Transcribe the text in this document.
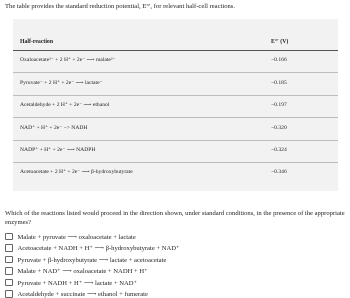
The table provides the standard reduction potential, E°′, for relevant half-cell reactions.
Half-reaction	E°′ (V)
Oxaloacetate²⁻ + 2 H⁺ + 2e⁻ ⟶ malate²⁻	−0.166
Pyruvate⁻ + 2 H⁺ + 2e⁻ ⟶ lactate⁻	−0.185
Acetaldehyde + 2 H⁺ + 2e⁻ ⟶ ethanol	−0.197
NAD⁺ + H⁺ + 2e⁻ −> NADH	−0.320
NADP⁺ + H⁺ + 2e⁻ ⟶ NADPH	−0.324
Acetoacetate + 2 H⁺ + 2e⁻ ⟶ β-hydroxybutyrate	−0.346
Which of the reactions listed would proceed in the direction shown, under standard conditions, in the presence of the appropriate enzymes?
Malate + pyruvate ⟶ oxaloacetate + lactate
Acetoacetate + NADH + H⁺ ⟶ β-hydroxybutyrate + NAD⁺
Pyruvate + β-hydroxybutyrate ⟶ lactate + acetoacetate
Malate + NAD⁺ ⟶ oxaloacetate + NADH + H⁺
Pyruvate + NADH + H⁺ ⟶ lactate + NAD⁺
Acetaldehyde + succinate ⟶ ethanol + fumerate
